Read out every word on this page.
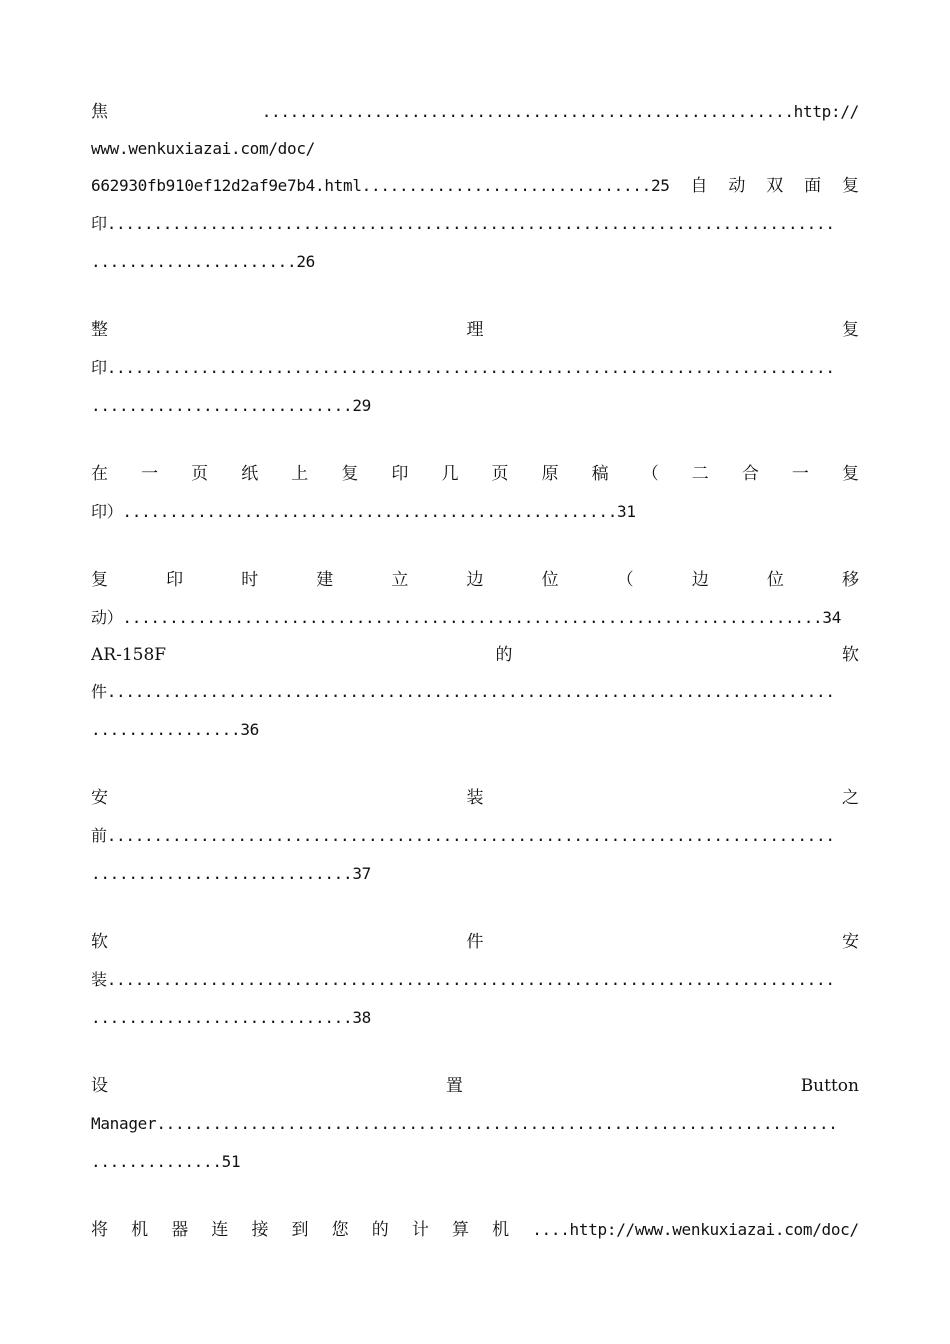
焦	.........................................................http://
www.wenkuxiazai.com/doc/
662930fb910ef12d2af9e7b4.html...............................25 自 动 双 面 复
印..............................................................................
......................26
整	理	复
印..............................................................................
............................29
在 一 页 纸 上 复 印 几 页 原 稿 （ 二 合 一 复
印）.....................................................31
复	印	时	建	立	边	位	（	边	位	移
动）...........................................................................34
AR-158F	的	软
件..............................................................................
................36
安	装	之
前..............................................................................
............................37
软	件	安
装..............................................................................
............................38
设	置	Button
Manager.........................................................................
..............51
将 机 器 连 接 到 您 的 计 算 机 ....http://www.wenkuxiazai.com/doc/
